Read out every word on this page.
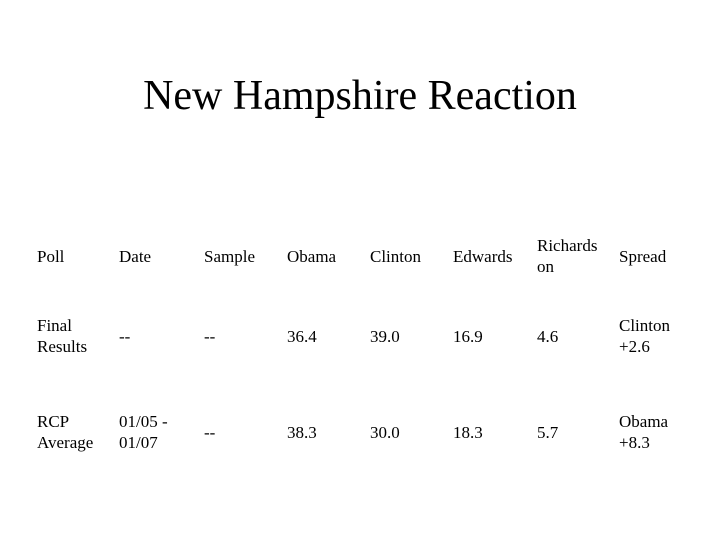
New Hampshire Reaction
Poll	Date	Sample	Obama	Clinton	Edwards	Richards on	Spread
Final Results	--	--	36.4	39.0	16.9	4.6	Clinton +2.6
RCP Average	01/05 - 01/07	--	38.3	30.0	18.3	5.7	Obama +8.3
